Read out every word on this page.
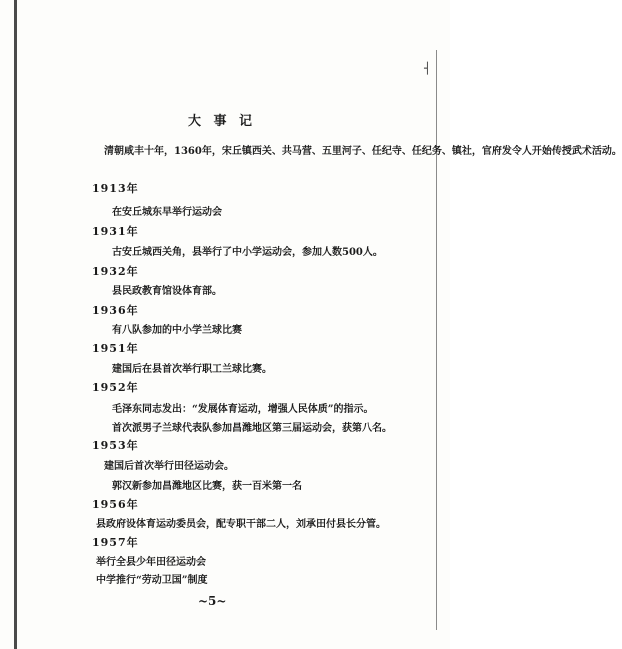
┤
大 事 记
清朝咸丰十年，1360年，宋丘镇西关、共马营、五里河子、任纪寺、任纪务、镇社，官府发令人开始传授武术活动。
1913年
在安丘城东早举行运动会
1931年
古安丘城西关角，县举行了中小学运动会，参加人数500人。
1932年
县民政教育馆设体育部。
1936年
有八队参加的中小学兰球比赛
1951年
建国后在县首次举行职工兰球比赛。
1952年
毛泽东同志发出：“发展体育运动，增强人民体质”的指示。
首次派男子兰球代表队参加昌潍地区第三届运动会，获第八名。
1953年
建国后首次举行田径运动会。
郭汉新参加昌潍地区比赛，获一百米第一名
1956年
县政府设体育运动委员会，配专职干部二人，刘承田付县长分管。
1957年
举行全县少年田径运动会
中学推行“劳动卫国”制度
~5~
